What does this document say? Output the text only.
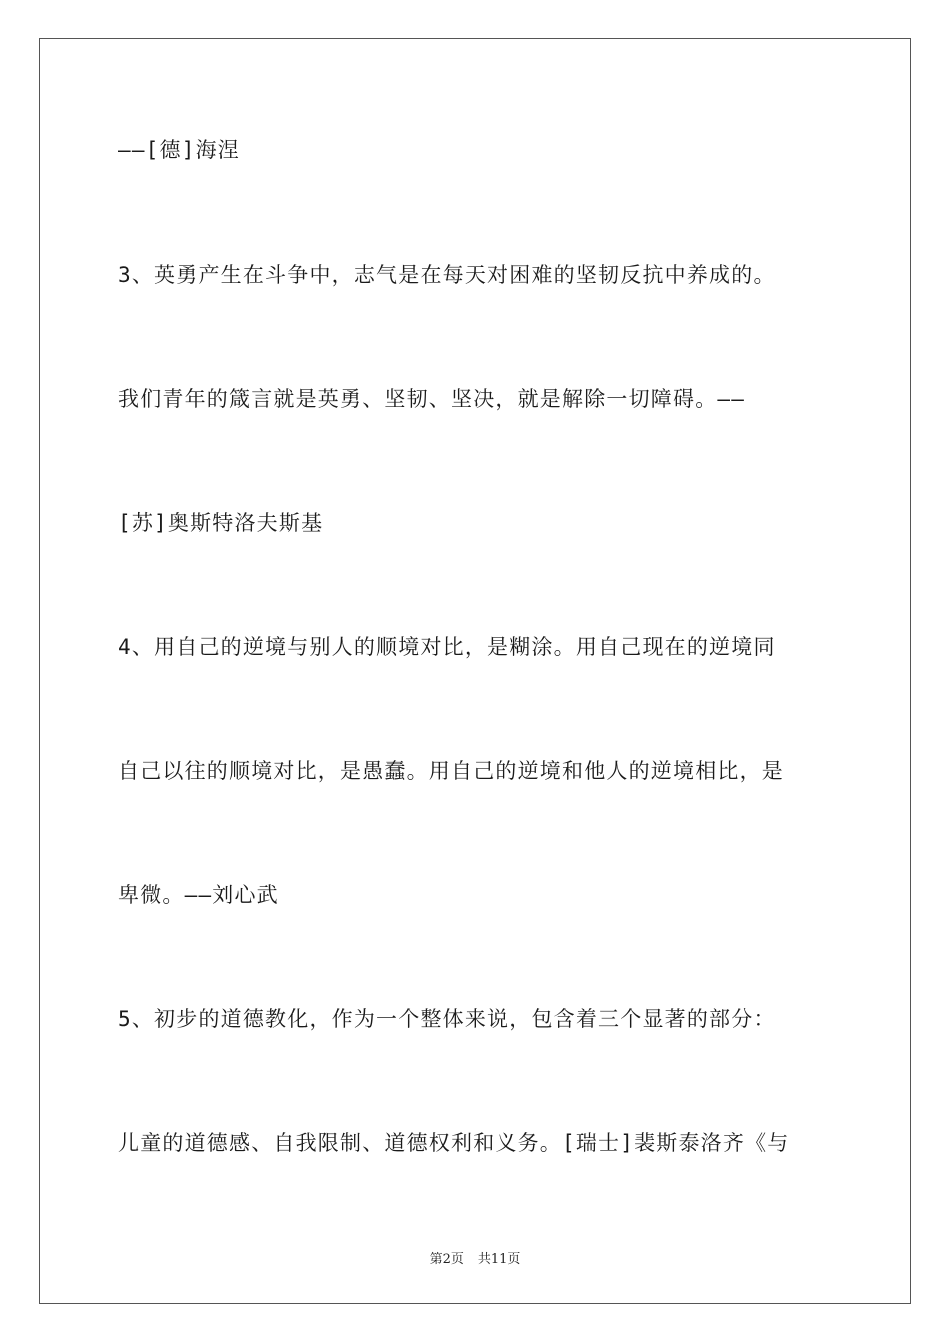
——[德]海涅
3、英勇产生在斗争中，志气是在每天对困难的坚韧反抗中养成的。
我们青年的箴言就是英勇、坚韧、坚决，就是解除一切障碍。——
[苏]奥斯特洛夫斯基
4、用自己的逆境与别人的顺境对比，是糊涂。用自己现在的逆境同
自己以往的顺境对比，是愚蠢。用自己的逆境和他人的逆境相比，是
卑微。——刘心武
5、初步的道德教化，作为一个整体来说，包含着三个显著的部分：
儿童的道德感、自我限制、道德权利和义务。[瑞士]裴斯泰洛齐《与
第2页 共11页
